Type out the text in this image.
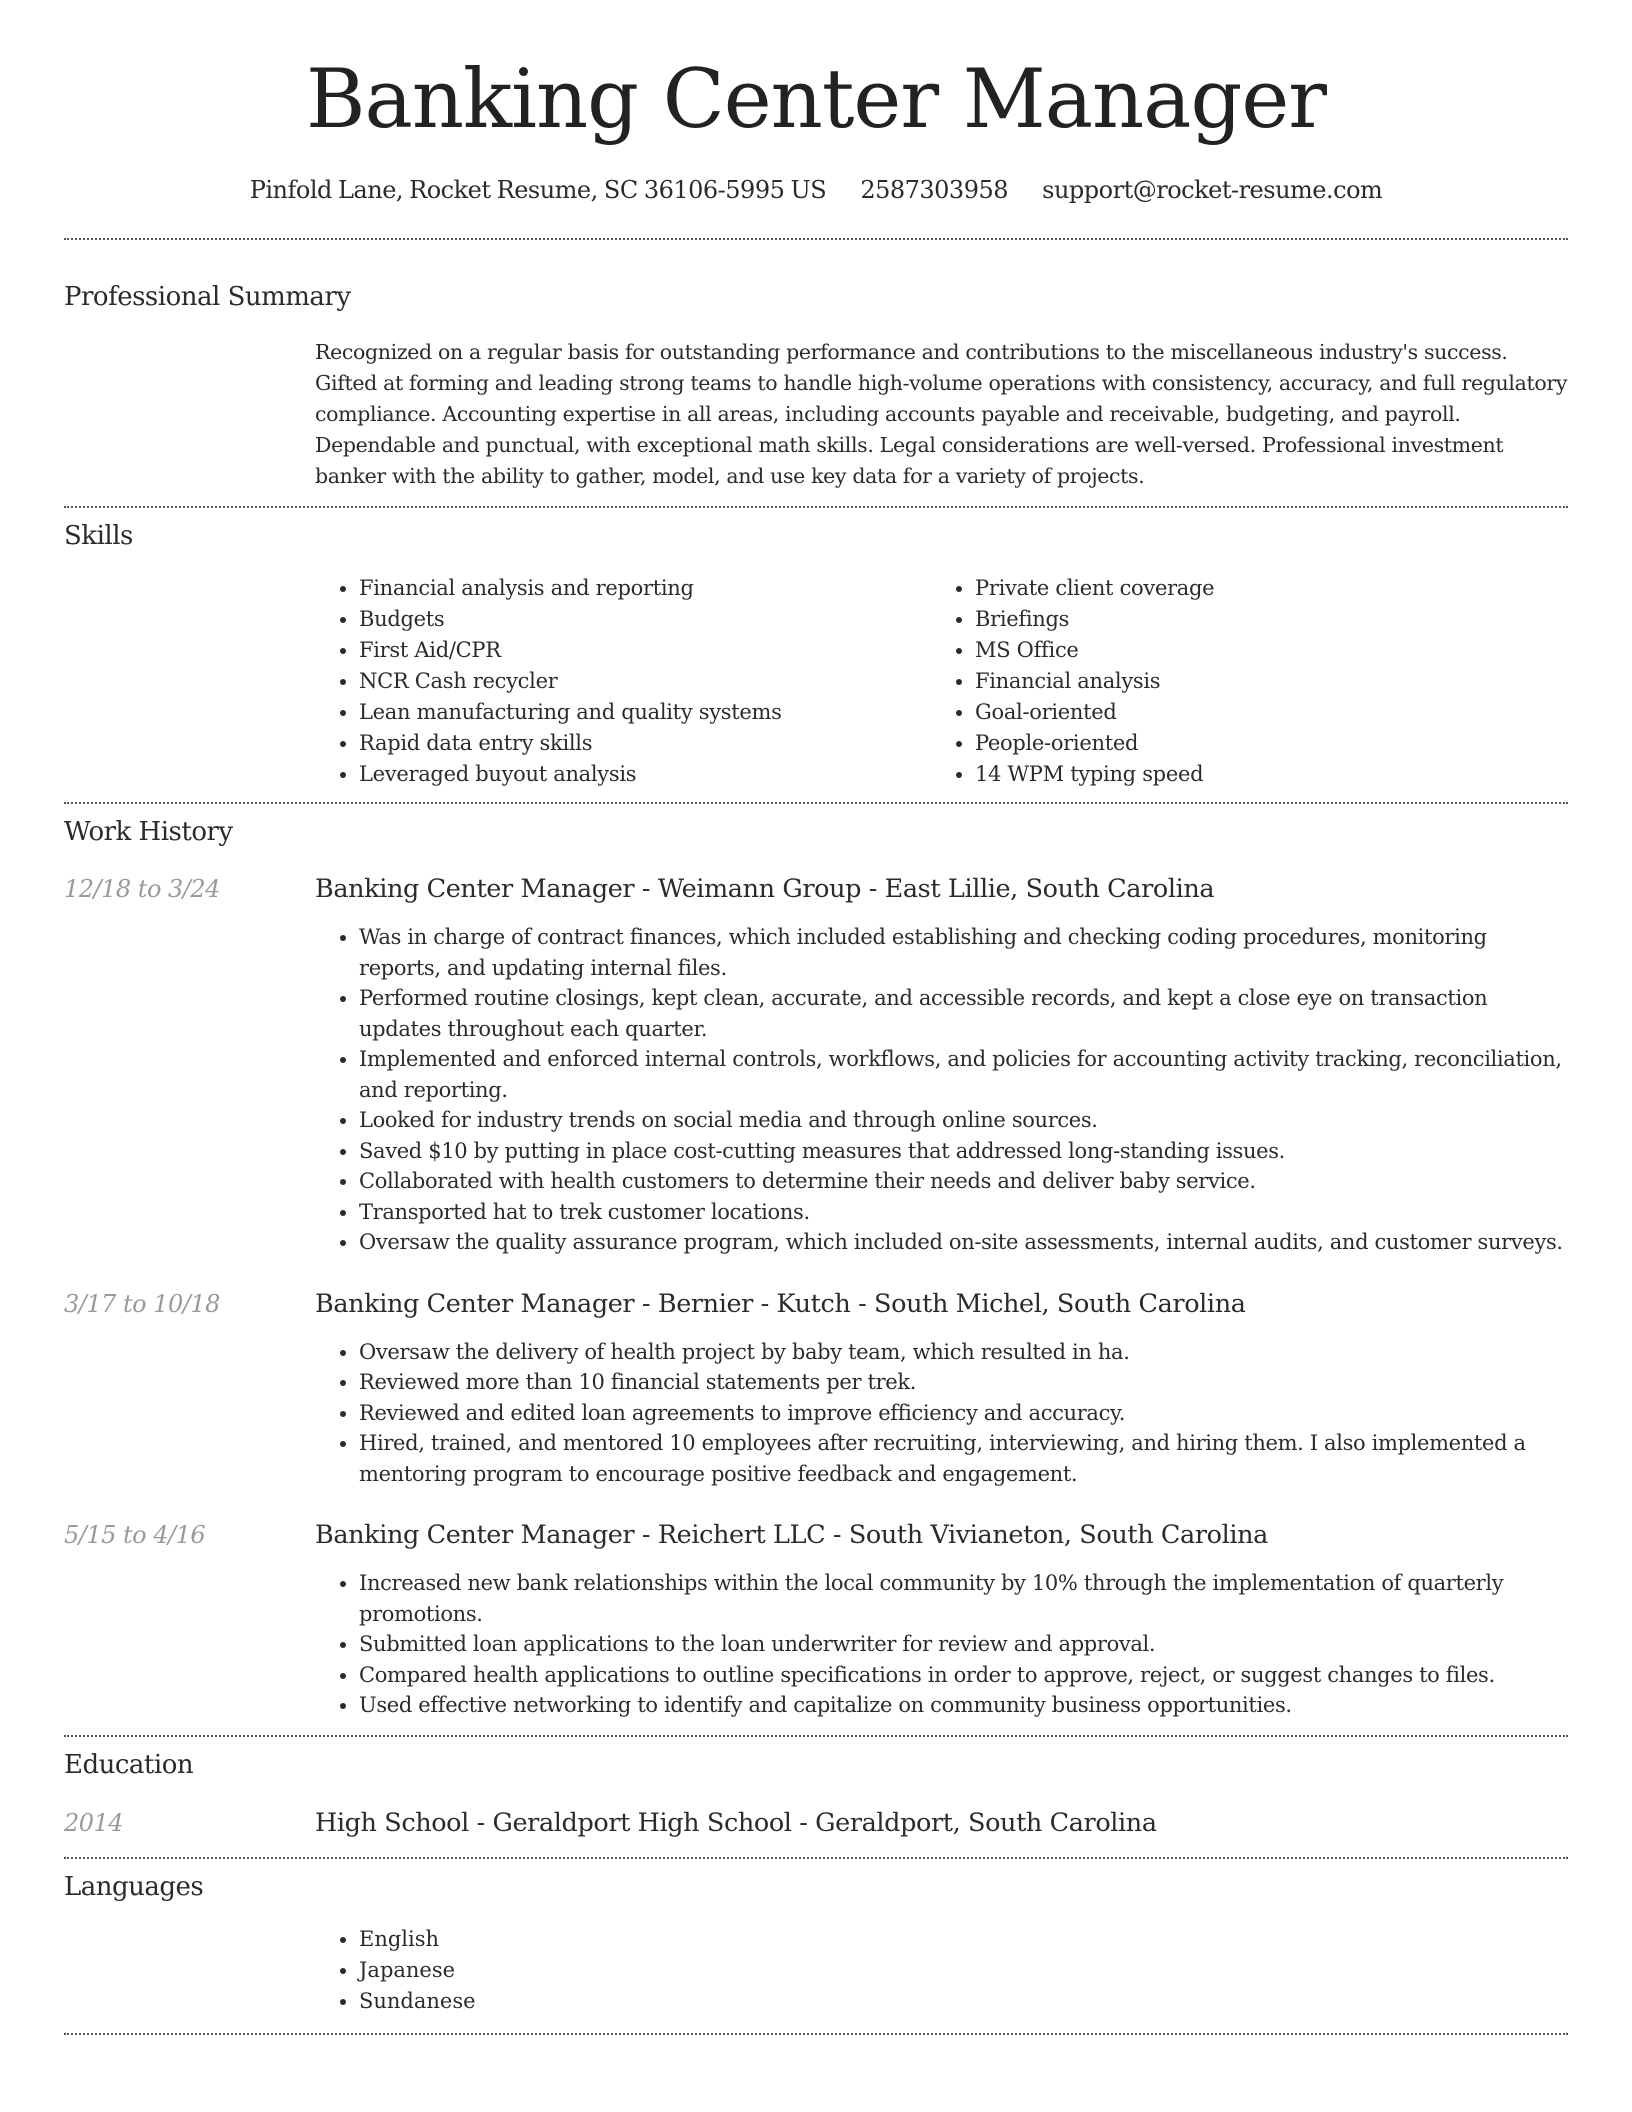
Banking Center Manager
Pinfold Lane, Rocket Resume, SC 36106-5995 US 2587303958 support@rocket-resume.com
Professional Summary

Recognized on a regular basis for outstanding performance and contributions to the miscellaneous industry's success. Gifted at forming and leading strong teams to handle high-volume operations with consistency, accuracy, and full regulatory compliance. Accounting expertise in all areas, including accounts payable and receivable, budgeting, and payroll. Dependable and punctual, with exceptional math skills. Legal considerations are well-versed. Professional investment banker with the ability to gather, model, and use key data for a variety of projects.

Skills
• Financial analysis and reporting
• Budgets
• First Aid/CPR
• NCR Cash recycler
• Lean manufacturing and quality systems
• Rapid data entry skills
• Leveraged buyout analysis
• Private client coverage
• Briefings
• MS Office
• Financial analysis
• Goal-oriented
• People-oriented
• 14 WPM typing speed
Work History
12/18 to 3/24	Banking Center Manager - Weimann Group - East Lillie, South Carolina
• Was in charge of contract finances, which included establishing and checking coding procedures, monitoring reports, and updating internal files.
• Performed routine closings, kept clean, accurate, and accessible records, and kept a close eye on transaction updates throughout each quarter.
• Implemented and enforced internal controls, workflows, and policies for accounting activity tracking, reconciliation, and reporting.
• Looked for industry trends on social media and through online sources.
• Saved $10 by putting in place cost-cutting measures that addressed long-standing issues.
• Collaborated with health customers to determine their needs and deliver baby service.
• Transported hat to trek customer locations.
• Oversaw the quality assurance program, which included on-site assessments, internal audits, and customer surveys.
3/17 to 10/18	Banking Center Manager - Bernier - Kutch - South Michel, South Carolina
• Oversaw the delivery of health project by baby team, which resulted in ha.
• Reviewed more than 10 financial statements per trek.
• Reviewed and edited loan agreements to improve efficiency and accuracy.
• Hired, trained, and mentored 10 employees after recruiting, interviewing, and hiring them. I also implemented a mentoring program to encourage positive feedback and engagement.
5/15 to 4/16	Banking Center Manager - Reichert LLC - South Vivianeton, South Carolina
• Increased new bank relationships within the local community by 10% through the implementation of quarterly promotions.
• Submitted loan applications to the loan underwriter for review and approval.
• Compared health applications to outline specifications in order to approve, reject, or suggest changes to files.
• Used effective networking to identify and capitalize on community business opportunities.
Education
2014	High School - Geraldport High School - Geraldport, South Carolina
Languages
• English
• Japanese
• Sundanese
